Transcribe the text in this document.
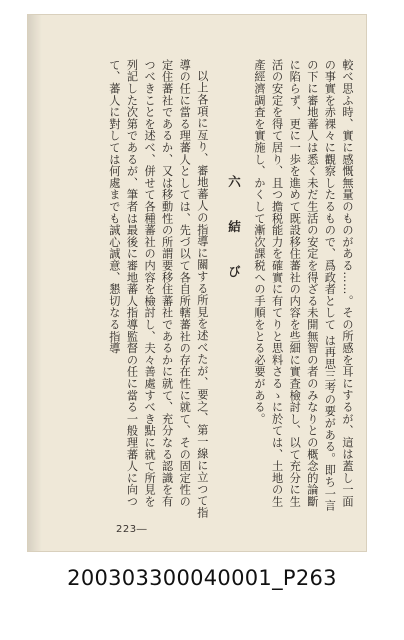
較べ思ふ時、實に感慨無量のものがある……。その所感を耳にするが、這は蓋し一面の事實を赤裸々に觀察したるもので、爲政者として は再思三考の要がある。即ち一言の下に審地蕃人は悉く未だ生活の安定を得ざる未開無智の者のみなりとの概念的論斷に陷らず、更に一歩を進めて既設移住蕃社の内容を些細に實査檢討し、以て充分に生活の安定を得て居り、且つ擔税能力を確實に有てりと思料さるゝに於ては、土地の生產經濟調査を實施し、かくして漸次課税への手順をとる必要がある。

六　結　び

以上各項に亙り、審地蕃人の指導に關する所見を述べたが、要之、第一線に立つて指導の任に當る理蕃人としては、先づ以て各自所轄蕃社の存在性に就て、その固定性の定住蕃社であるか、又は移動性の所謂要移住蕃社であるかに就て、充分なる認識を有つべきことを述べ、併せて各種蕃社の内容を檢討し、夫々善處すべき點に就て所見を列記した次第であるが、筆者は最後に審地蕃人指導監督の任に當る一般理蕃人に向つて、蕃人に對しては何處までも誠心誠意、懇切なる指導

223―
200303300040001_P263
